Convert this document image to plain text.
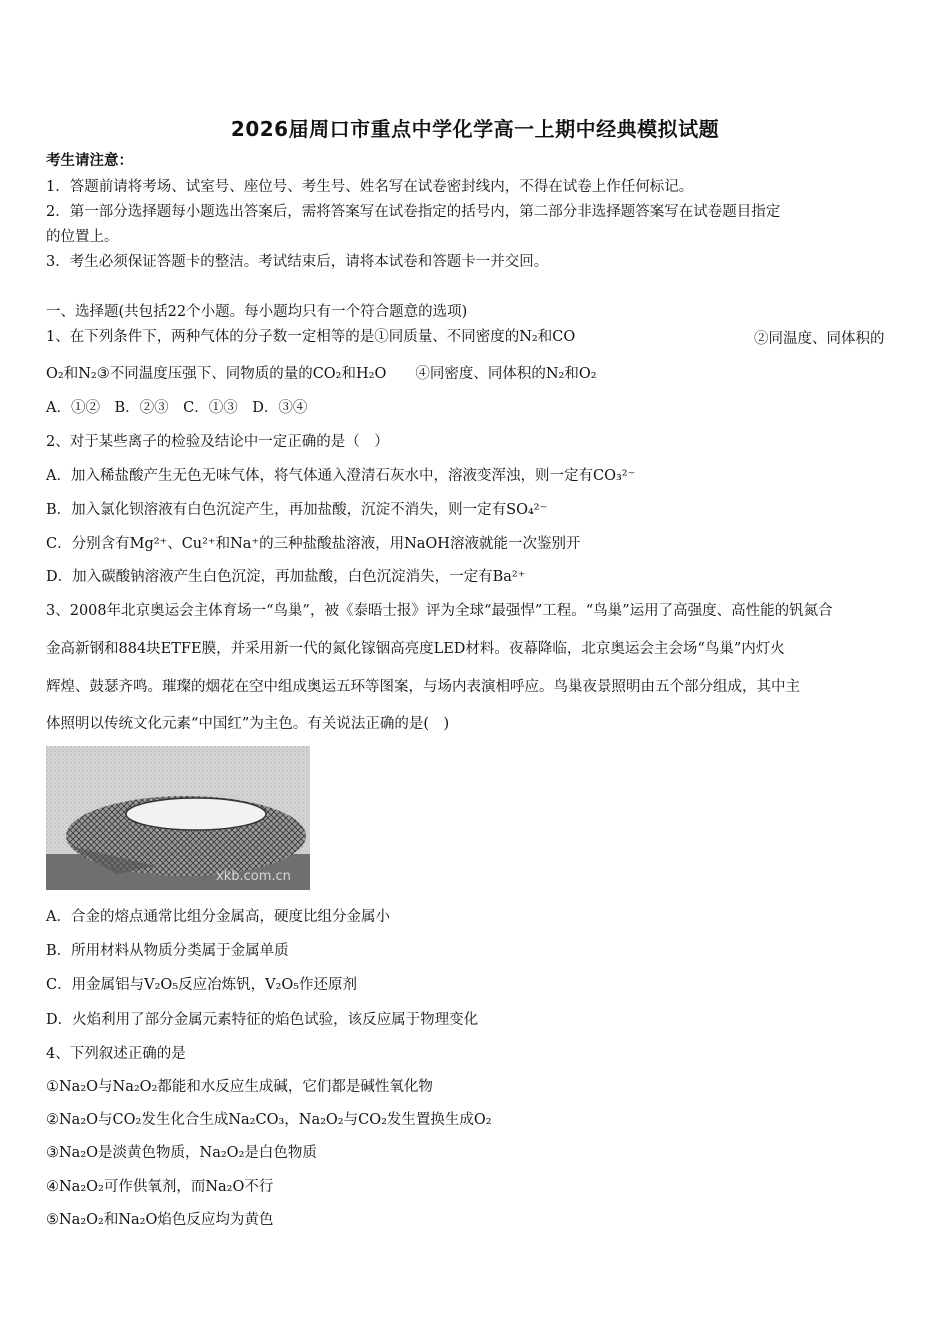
2026届周口市重点中学化学高一上期中经典模拟试题
考生请注意：
1．答题前请将考场、试室号、座位号、考生号、姓名写在试卷密封线内，不得在试卷上作任何标记。
2．第一部分选择题每小题选出答案后，需将答案写在试卷指定的括号内，第二部分非选择题答案写在试卷题目指定
的位置上。
3．考生必须保证答题卡的整洁。考试结束后，请将本试卷和答题卡一并交回。
一、选择题(共包括22个小题。每小题均只有一个符合题意的选项)
1、在下列条件下，两种气体的分子数一定相等的是①同质量、不同密度的N₂和CO	②同温度、同体积的
O₂和N₂③不同温度压强下、同物质的量的CO₂和H₂O　　④同密度、同体积的N₂和O₂
A．①②　B．②③　C．①③　D．③④
2、对于某些离子的检验及结论中一定正确的是（　）
A．加入稀盐酸产生无色无味气体，将气体通入澄清石灰水中，溶液变浑浊，则一定有CO₃²⁻
B．加入氯化钡溶液有白色沉淀产生，再加盐酸，沉淀不消失，则一定有SO₄²⁻
C．分别含有Mg²⁺、Cu²⁺和Na⁺的三种盐酸盐溶液，用NaOH溶液就能一次鉴别开
D．加入碳酸钠溶液产生白色沉淀，再加盐酸，白色沉淀消失，一定有Ba²⁺
3、2008年北京奥运会主体育场一“鸟巢”，被《泰晤士报》评为全球“最强悍”工程。“鸟巢”运用了高强度、高性能的钒氮合
金高新钢和884块ETFE膜，并采用新一代的氮化镓铟高亮度LED材料。夜幕降临，北京奥运会主会场“鸟巢”内灯火
辉煌、鼓瑟齐鸣。璀璨的烟花在空中组成奥运五环等图案，与场内表演相呼应。鸟巢夜景照明由五个部分组成，其中主
体照明以传统文化元素“中国红”为主色。有关说法正确的是(　)
xkb.com.cn
A．合金的熔点通常比组分金属高，硬度比组分金属小
B．所用材料从物质分类属于金属单质
C．用金属铝与V₂O₅反应冶炼钒，V₂O₅作还原剂
D．火焰利用了部分金属元素特征的焰色试验，该反应属于物理变化
4、下列叙述正确的是
①Na₂O与Na₂O₂都能和水反应生成碱，它们都是碱性氧化物
②Na₂O与CO₂发生化合生成Na₂CO₃，Na₂O₂与CO₂发生置换生成O₂
③Na₂O是淡黄色物质，Na₂O₂是白色物质
④Na₂O₂可作供氧剂，而Na₂O不行
⑤Na₂O₂和Na₂O焰色反应均为黄色
